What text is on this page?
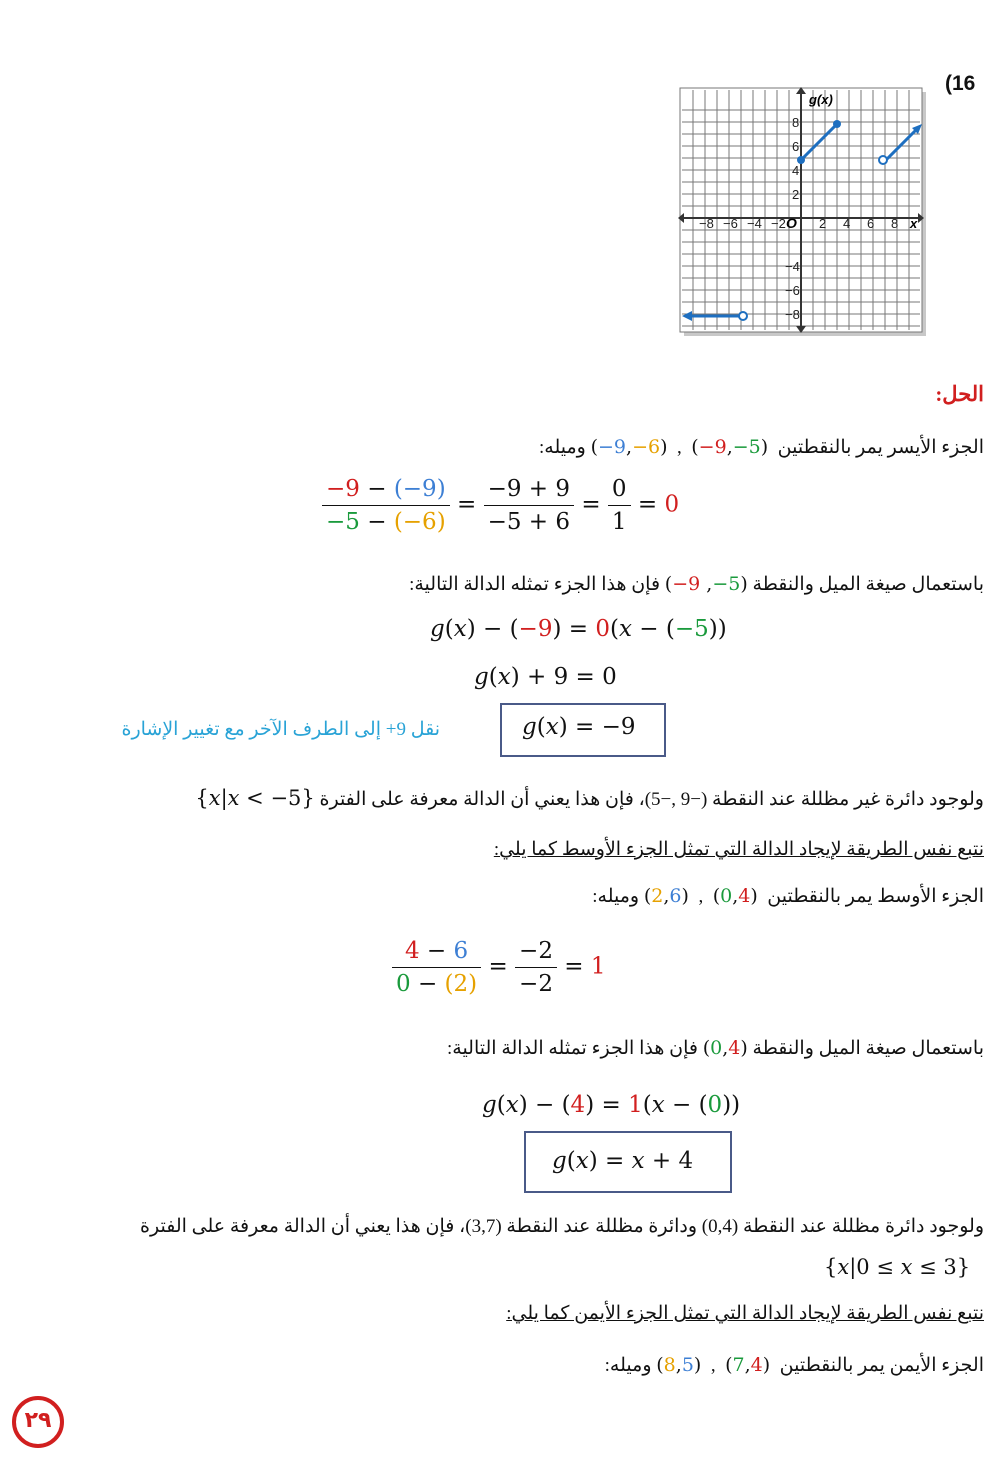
(16
g(x)
O	x
−8 −6 −4 −2	2 4 6 8
8
6
4
2
−4
−6
−8
الحل:
الجزء الأيسر يمر بالنقطتين  (−9,−5)  ,  (−9,−6) وميله:
$\frac{-9 - (-9)}{-5 - (-6)} = \frac{-9 + 9}{-5 + 6} = \frac{0}{1} = 0$
باستعمال صيغة الميل والنقطة (−9 ,−5) فإن هذا الجزء تمثله الدالة التالية:
g(x) − (−9) = 0(x − (−5))
g(x) + 9 = 0
g(x) = −9
نقل 9+ إلى الطرف الآخر مع تغيير الإشارة
ولوجود دائرة غير مظللة عند النقطة (−9 ,−5)، فإن هذا يعني أن الدالة معرفة على الفترة {x|x < −5}
نتبع نفس الطريقة لإيجاد الدالة التي تمثل الجزء الأوسط كما يلي:
الجزء الأوسط يمر بالنقطتين  (0,4)  ,  (2,6) وميله:
$\frac{4 - 6}{0 - (2)} = \frac{-2}{-2} = 1$
باستعمال صيغة الميل والنقطة (0,4) فإن هذا الجزء تمثله الدالة التالية:
g(x) − (4) = 1(x − (0))
g(x) = x + 4
ولوجود دائرة مظللة عند النقطة (0,4) ودائرة مظللة عند النقطة (3,7)، فإن هذا يعني أن الدالة معرفة على الفترة
{x|0 ≤ x ≤ 3}
نتبع نفس الطريقة لإيجاد الدالة التي تمثل الجزء الأيمن كما يلي:
الجزء الأيمن يمر بالنقطتين  (7,4)  ,  (8,5) وميله:
٢٩
